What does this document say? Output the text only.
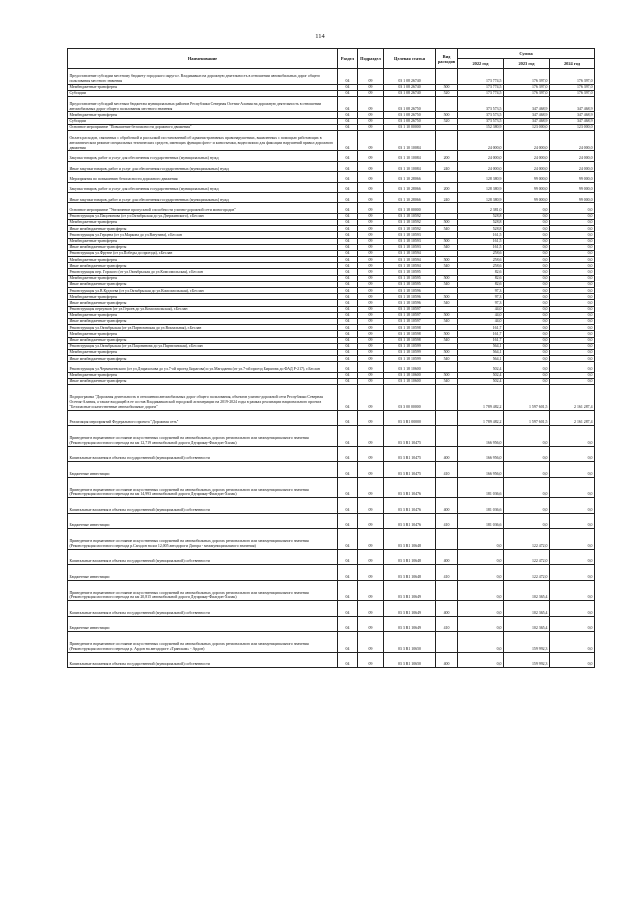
114
Наименование	Раздел	Подраздел	Целевая статья	Вид расходов	Сумма		
					2022 год	2023 год	2024 год
Предоставление субсидии местному бюджету городского округа г. Владикавказ на дорожную деятельность в отношении автомобильных дорог общего пользования местного значения	04	09	03 1 08 26740		173 774,5	176 397,0	176 397,0
Межбюджетные трансферты	04	09	03 1 08 26740	500	173 774,5	176 397,0	176 397,0
Субсидии	04	09	03 1 08 26740	520	173 774,5	176 397,0	176 397,0
Предоставление субсидий местным бюджетам муниципальных районов Республики Северная Осетия-Алания на дорожную деятельность в отношении автомобильных дорог общего пользования местного значения	04	09	03 1 08 26750		373 573,5	347 468,9	347 468,9
Межбюджетные трансферты	04	09	03 1 08 26750	500	373 573,5	347 468,9	347 468,9
Субсидии	04	09	03 1 08 26750	520	373 573,5	347 468,9	347 468,9
Основное мероприятие "Повышение безопасности дорожного движения"	04	09	03 1 10 00000		152 380,9	123 000,0	123 000,0
Оплата расходов, связанных с обработкой и рассылкой постановлений об административных правонарушениях, выявленных с помощью работающих в автоматическом режиме специальных технических средств, имеющих функции фото- и киносъемки, видеозаписи для фиксации нарушений правил дорожного движения	04	09	03 1 10 10084		24 000,0	24 000,0	24 000,0
Закупка товаров, работ и услуг для обеспечения государственных (муниципальных) нужд	04	09	03 1 10 10084	200	24 000,0	24 000,0	24 000,0
Иные закупки товаров, работ и услуг для обеспечения государственных (муниципальных) нужд	04	09	03 1 10 10084	240	24 000,0	24 000,0	24 000,0
Мероприятия по повышению безопасности дорожного движения	04	09	03 1 10 28066		128 380,9	99 000,0	99 000,0
Закупка товаров, работ и услуг для обеспечения государственных (муниципальных) нужд	04	09	03 1 10 28066	200	128 380,9	99 000,0	99 000,0
Иные закупки товаров, работ и услуг для обеспечения государственных (муниципальных) нужд	04	09	03 1 10 28066	240	128 380,9	99 000,0	99 000,0
Основное мероприятие "Увеличение пропускной способности улично-дорожной сети моногородов"	04	09	03 1 18 00000		2 381,0	0,0	0,0
Реконструкция ул.Пацонинова (от ул.Октябрьская до ул.Дзержинского), г.Беслан	04	09	03 1 18 10592		528,8	0,0	0,0
Межбюджетные трансферты	04	09	03 1 18 10592	500	528,8	0,0	0,0
Иные межбюджетные трансферты	04	09	03 1 18 10592	540	528,8	0,0	0,0
Реконструкция ул.Герцена (от ул.Маркова до ул.Ватутина), г.Беслан	04	09	03 1 18 10593		161,5	0,0	0,0
Межбюджетные трансферты	04	09	03 1 18 10593	500	161,5	0,0	0,0
Иные межбюджетные трансферты	04	09	03 1 18 10593	540	161,5	0,0	0,0
Реконструкция ул.Фрунзе (от ул.Победы до проезда), г.Беслан	04	09	03 1 18 10594		258,6	0,0	0,0
Межбюджетные трансферты	04	09	03 1 18 10594	500	258,6	0,0	0,0
Иные межбюджетные трансферты	04	09	03 1 18 10594	540	258,6	0,0	0,0
Реконструкция пер. Горского (от ул.Октябрьская до ул.Комсомольская), г.Беслан	04	09	03 1 18 10595		82,6	0,0	0,0
Межбюджетные трансферты	04	09	03 1 18 10595	500	82,6	0,0	0,0
Иные межбюджетные трансферты	04	09	03 1 18 10595	540	82,6	0,0	0,0
Реконструкция ул.В.Кудзоева (от ул.Октябрьская до ул.Комсомольская), г.Беслан	04	09	03 1 18 10596		97,3	0,0	0,0
Межбюджетные трансферты	04	09	03 1 18 10596	500	97,3	0,0	0,0
Иные межбюджетные трансферты	04	09	03 1 18 10596	540	97,3	0,0	0,0
Реконструкция переулков (от ул.Героев до ул.Комсомольская), г.Беслан	04	09	03 1 18 10597		44,0	0,0	0,0
Межбюджетные трансферты	04	09	03 1 18 10597	500	44,0	0,0	0,0
Иные межбюджетные трансферты	04	09	03 1 18 10597	540	44,0	0,0	0,0
Реконструкция ул.Октябрьская (от ул.Партизанская до ул.Вокзальная), г.Беслан	04	09	03 1 18 10598		161,7	0,0	0,0
Межбюджетные трансферты	04	09	03 1 18 10598	500	161,7	0,0	0,0
Иные межбюджетные трансферты	04	09	03 1 18 10598	540	161,7	0,0	0,0
Реконструкция ул.Октябрьская (от ул.Пацонинова до ул.Партизанская), г.Беслан	04	09	03 1 18 10599		564,1	0,0	0,0
Межбюджетные трансферты	04	09	03 1 18 10599	500	564,1	0,0	0,0
Иные межбюджетные трансферты	04	09	03 1 18 10599	540	564,1	0,0	0,0
Реконструкция ул.Чермекеевского (от ул.Дзарахохова до ул.7-ой проезд Бирагова) и ул.Магадаева (от ул.7-ой проезд Бирагова до ФАД Р-217), г.Беслан	04	09	03 1 18 10600		502,4	0,0	0,0
Межбюджетные трансферты	04	09	03 1 18 10600	500	502,4	0,0	0,0
Иные межбюджетные трансферты	04	09	03 1 18 10600	540	502,4	0,0	0,0
Подпрограмма "Дорожная деятельность в отношении автомобильных дорог общего пользования, объектов улично-дорожной сети Республики Северная Осетия-Алания, а также входящей в ее состав Владикавказской городской агломерации на 2019-2024 годы в рамках реализации национального проекта "Безопасные и качественные автомобильные дороги"	04	09	03 3 00 00000		1 789 482,2	1 597 601,5	2 161 287,4
Реализация мероприятий Федерального проекта "Дорожная сеть"	04	09	03 3 R1 00000		1 789 482,2	1 597 601,5	2 161 287,4
Приведение в нормативное состояние искусственных сооружений на автомобильных дорогах регионального или межмуниципального значения (Реконструкция мостового перехода на км 12,719 автомобильной дороги Дзуарикау-Фиагдон-Хилак)	04	09	03 3 R1 10475		166 956,0	0,0	0,0
Капитальные вложения в объекты государственной (муниципальной) собственности	04	09	03 3 R1 10475	400	166 956,0	0,0	0,0
Бюджетные инвестиции	04	09	03 3 R1 10475	410	166 956,0	0,0	0,0
Приведение в нормативное состояние искусственных сооружений на автомобильных дорогах регионального или межмуниципального значения (Реконструкция мостового перехода на км 14,993 автомобильной дороги Дзуарикау-Фиагдон-Хилак)	04	09	03 3 R1 10476		181 036,6	0,0	0,0
Капитальные вложения в объекты государственной (муниципальной) собственности	04	09	03 3 R1 10476	400	181 036,6	0,0	0,0
Бюджетные инвестиции	04	09	03 3 R1 10476	410	181 036,6	0,0	0,0
Приведение в нормативное состояние искусственных сооружений на автомобильных дорогах регионального или межмуниципального значения (Реконструкция мостового перехода р.Сагадон на км 12,005 автодороги Дигора - межмуниципального значения)	04	09	03 3 R1 10648		0,0	122 472,0	0,0
Капитальные вложения в объекты государственной (муниципальной) собственности	04	09	03 3 R1 10648	400	0,0	122 472,0	0,0
Бюджетные инвестиции	04	09	03 3 R1 10648	410	0,0	122 472,0	0,0
Приведение в нормативное состояние искусственных сооружений на автомобильных дорогах регионального или межмуниципального значения (Реконструкция мостового перехода на км 20,815 автомобильной дороги Дзуарикау-Фиагдон-Хилак)	04	09	03 3 R1 10649		0,0	102 365,4	0,0
Капитальные вложения в объекты государственной (муниципальной) собственности	04	09	03 3 R1 10649	400	0,0	102 365,4	0,0
Бюджетные инвестиции	04	09	03 3 R1 10649	410	0,0	102 365,4	0,0
Приведение в нормативное состояние искусственных сооружений на автомобильных дорогах регионального или межмуниципального значения (Реконструкция мостового перехода р. Ардон на автодороге «Транскам» - Ардон)	04	09	03 3 R1 10650		0,0	159 992,3	0,0
Капитальные вложения в объекты государственной (муниципальной) собственности	04	09	03 3 R1 10650	400	0,0	159 992,3	0,0
